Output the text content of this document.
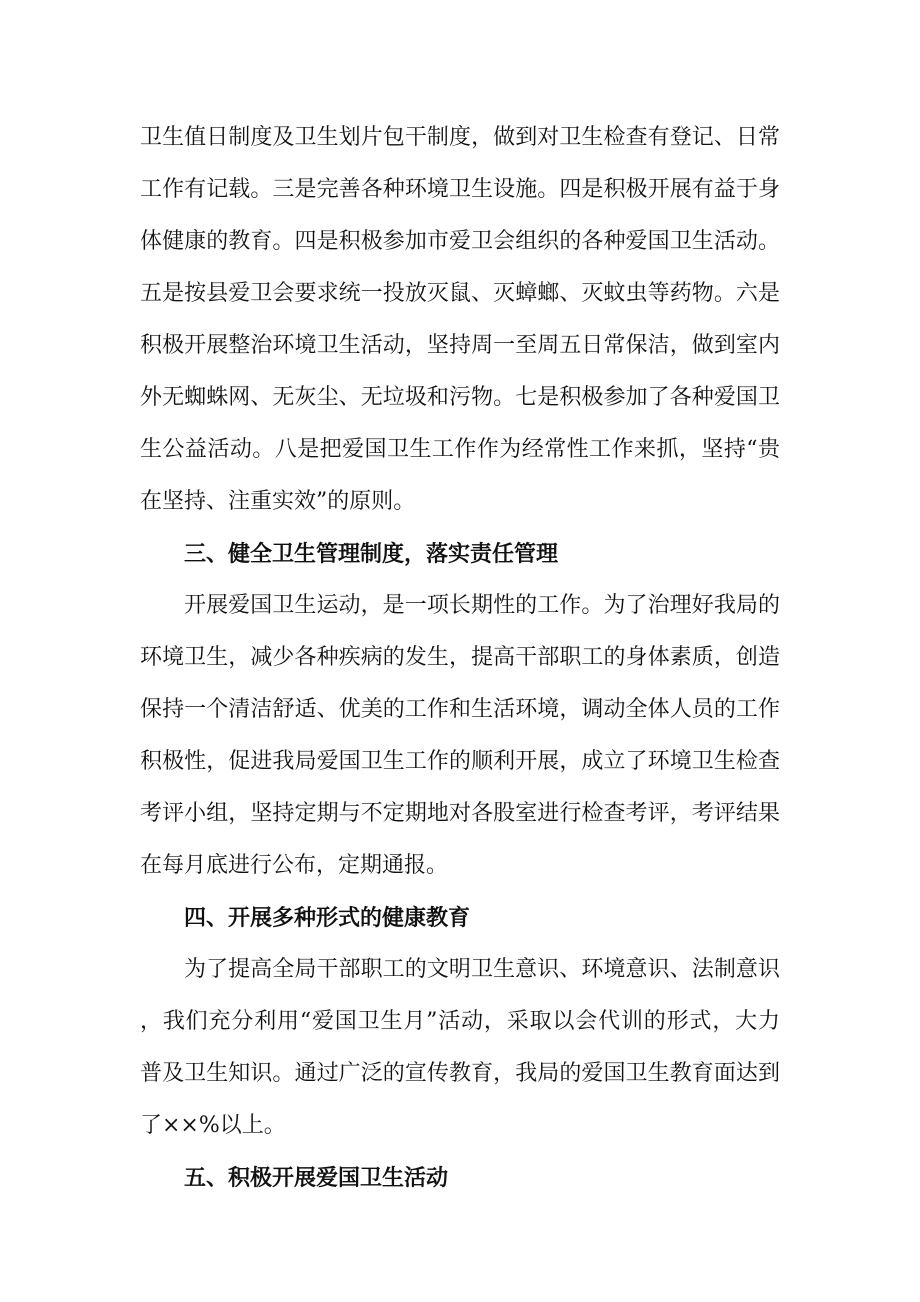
卫生值日制度及卫生划片包干制度，做到对卫生检查有登记、日常
工作有记载。三是完善各种环境卫生设施。四是积极开展有益于身
体健康的教育。四是积极参加市爱卫会组织的各种爱国卫生活动。
五是按县爱卫会要求统一投放灭鼠、灭蟑螂、灭蚊虫等药物。六是
积极开展整治环境卫生活动，坚持周一至周五日常保洁，做到室内
外无蜘蛛网、无灰尘、无垃圾和污物。七是积极参加了各种爱国卫
生公益活动。八是把爱国卫生工作作为经常性工作来抓，坚持“贵
在坚持、注重实效”的原则。
三、健全卫生管理制度，落实责任管理
开展爱国卫生运动，是一项长期性的工作。为了治理好我局的
环境卫生，减少各种疾病的发生，提高干部职工的身体素质，创造
保持一个清洁舒适、优美的工作和生活环境，调动全体人员的工作
积极性，促进我局爱国卫生工作的顺利开展，成立了环境卫生检查
考评小组，坚持定期与不定期地对各股室进行检查考评，考评结果
在每月底进行公布，定期通报。
四、开展多种形式的健康教育
为了提高全局干部职工的文明卫生意识、环境意识、法制意识
，我们充分利用“爱国卫生月”活动，采取以会代训的形式，大力
普及卫生知识。通过广泛的宣传教育，我局的爱国卫生教育面达到
了××%以上。
五、积极开展爱国卫生活动
